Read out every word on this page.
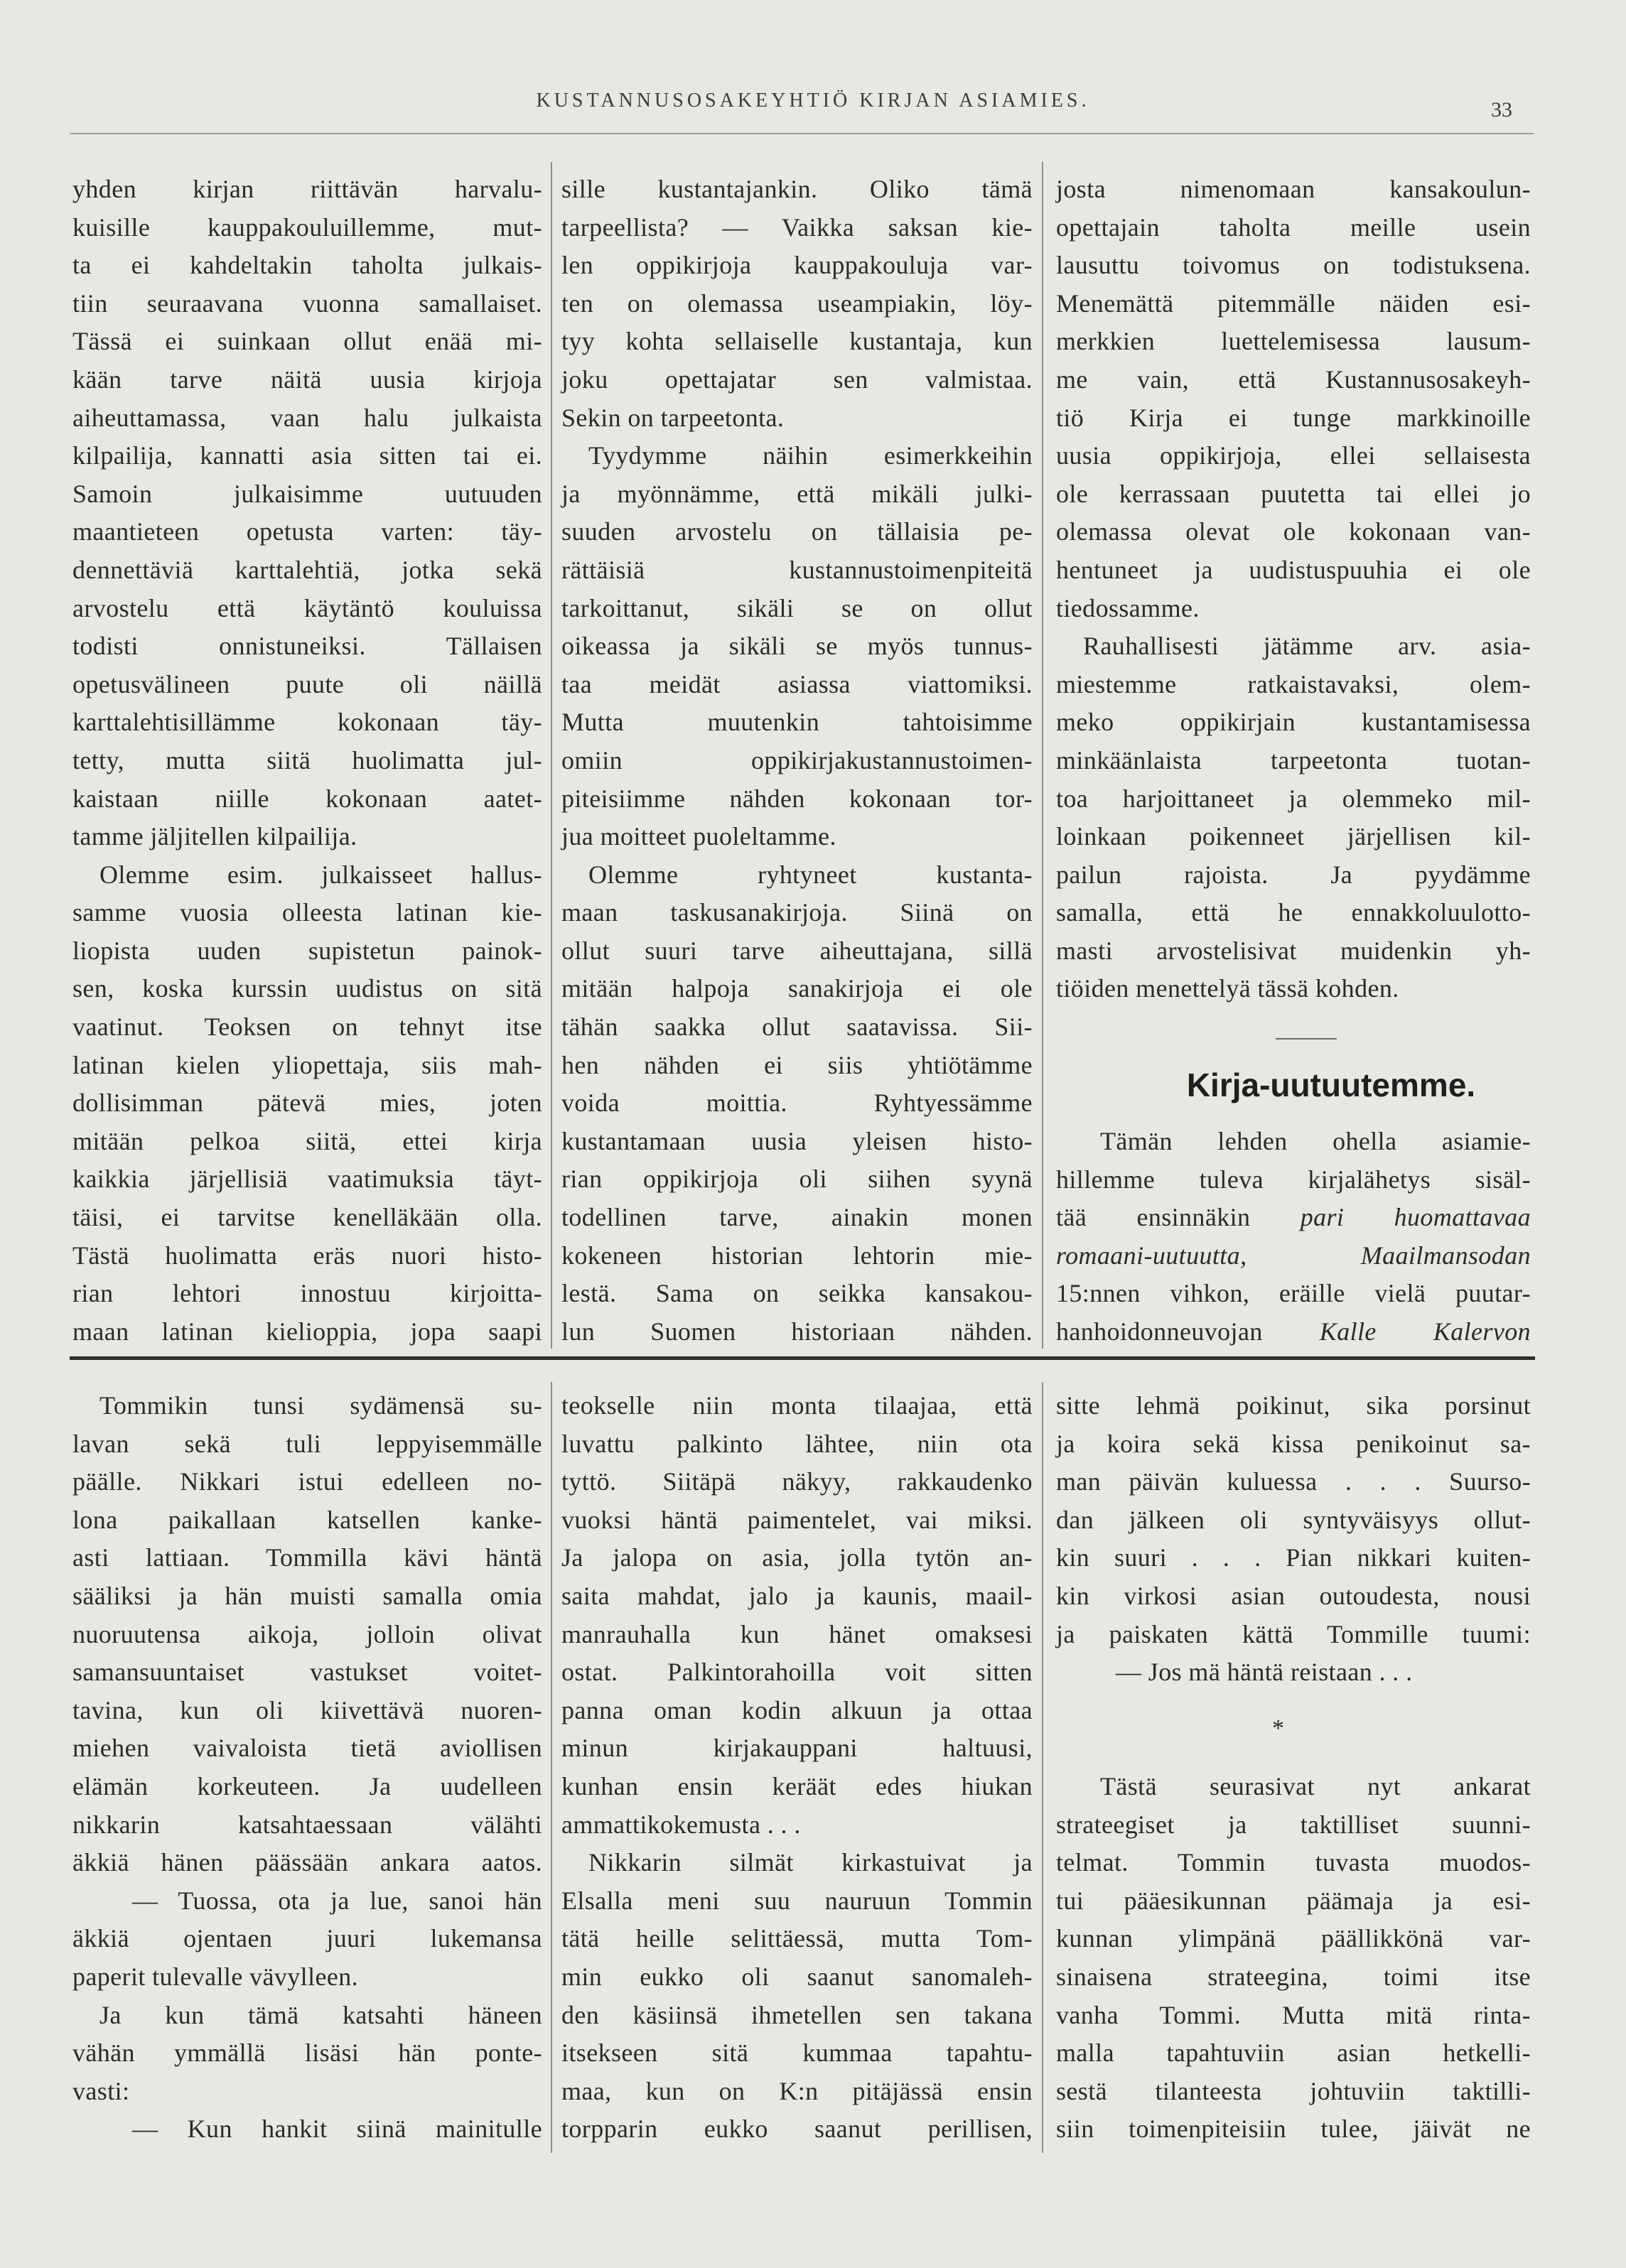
KUSTANNUSOSAKEYHTIÖ KIRJAN ASIAMIES.	33
yhden kirjan riittävän harvalu-
kuisille kauppakouluillemme, mut-
ta ei kahdeltakin taholta julkais-
tiin seuraavana vuonna samallaiset.
Tässä ei suinkaan ollut enää mi-
kään tarve näitä uusia kirjoja
aiheuttamassa, vaan halu julkaista
kilpailija, kannatti asia sitten tai ei.
Samoin julkaisimme uutuuden
maantieteen opetusta varten: täy-
dennettäviä karttalehtiä, jotka sekä
arvostelu että käytäntö kouluissa
todisti onnistuneiksi. Tällaisen
opetusvälineen puute oli näillä
karttalehtisillämme kokonaan täy-
tetty, mutta siitä huolimatta jul-
kaistaan niille kokonaan aatet-
tamme jäljitellen kilpailija.
Olemme esim. julkaisseet hallus-
samme vuosia olleesta latinan kie-
liopista uuden supistetun painok-
sen, koska kurssin uudistus on sitä
vaatinut. Teoksen on tehnyt itse
latinan kielen yliopettaja, siis mah-
dollisimman pätevä mies, joten
mitään pelkoa siitä, ettei kirja
kaikkia järjellisiä vaatimuksia täyt-
täisi, ei tarvitse kenelläkään olla.
Tästä huolimatta eräs nuori histo-
rian lehtori innostuu kirjoitta-
maan latinan kielioppia, jopa saapi
sille kustantajankin. Oliko tämä
tarpeellista? — Vaikka saksan kie-
len oppikirjoja kauppakouluja var-
ten on olemassa useampiakin, löy-
tyy kohta sellaiselle kustantaja, kun
joku opettajatar sen valmistaa.
Sekin on tarpeetonta.
Tyydymme näihin esimerkkeihin
ja myönnämme, että mikäli julki-
suuden arvostelu on tällaisia pe-
rättäisiä kustannustoimenpiteitä
tarkoittanut, sikäli se on ollut
oikeassa ja sikäli se myös tunnus-
taa meidät asiassa viattomiksi.
Mutta muutenkin tahtoisimme
omiin oppikirjakustannustoimen-
piteisiimme nähden kokonaan tor-
jua moitteet puoleltamme.
Olemme ryhtyneet kustanta-
maan taskusanakirjoja. Siinä on
ollut suuri tarve aiheuttajana, sillä
mitään halpoja sanakirjoja ei ole
tähän saakka ollut saatavissa. Sii-
hen nähden ei siis yhtiötämme
voida moittia. Ryhtyessämme
kustantamaan uusia yleisen histo-
rian oppikirjoja oli siihen syynä
todellinen tarve, ainakin monen
kokeneen historian lehtorin mie-
lestä. Sama on seikka kansakou-
lun Suomen historiaan nähden.
josta nimenomaan kansakoulun-
opettajain taholta meille usein
lausuttu toivomus on todistuksena.
Menemättä pitemmälle näiden esi-
merkkien luettelemisessa lausum-
me vain, että Kustannusosakeyh-
tiö Kirja ei tunge markkinoille
uusia oppikirjoja, ellei sellaisesta
ole kerrassaan puutetta tai ellei jo
olemassa olevat ole kokonaan van-
hentuneet ja uudistuspuuhia ei ole
tiedossamme.
Rauhallisesti jätämme arv. asia-
miestemme ratkaistavaksi, olem-
meko oppikirjain kustantamisessa
minkäänlaista tarpeetonta tuotan-
toa harjoittaneet ja olemmeko mil-
loinkaan poikenneet järjellisen kil-
pailun rajoista. Ja pyydämme
samalla, että he ennakkoluulotto-
masti arvostelisivat muidenkin yh-
tiöiden menettelyä tässä kohden.
Kirja-uutuutemme.
Tämän lehden ohella asiamie-
hillemme tuleva kirjalähetys sisäl-
tää ensinnäkin pari huomattavaa
romaani-uutuutta, Maailmansodan
15:nnen vihkon, eräille vielä puutar-
hanhoidonneuvojan Kalle Kalervon
Tommikin tunsi sydämensä su-
lavan sekä tuli leppyisemmälle
päälle. Nikkari istui edelleen no-
lona paikallaan katsellen kanke-
asti lattiaan. Tommilla kävi häntä
sääliksi ja hän muisti samalla omia
nuoruutensa aikoja, jolloin olivat
samansuuntaiset vastukset voitet-
tavina, kun oli kiivettävä nuoren-
miehen vaivaloista tietä aviollisen
elämän korkeuteen. Ja uudelleen
nikkarin katsahtaessaan välähti
äkkiä hänen päässään ankara aatos.
— Tuossa, ota ja lue, sanoi hän
äkkiä ojentaen juuri lukemansa
paperit tulevalle vävylleen.
Ja kun tämä katsahti häneen
vähän ymmällä lisäsi hän ponte-
vasti:
— Kun hankit siinä mainitulle
teokselle niin monta tilaajaa, että
luvattu palkinto lähtee, niin ota
tyttö. Siitäpä näkyy, rakkaudenko
vuoksi häntä paimentelet, vai miksi.
Ja jalopa on asia, jolla tytön an-
saita mahdat, jalo ja kaunis, maail-
manrauhalla kun hänet omaksesi
ostat. Palkintorahoilla voit sitten
panna oman kodin alkuun ja ottaa
minun kirjakauppani haltuusi,
kunhan ensin keräät edes hiukan
ammattikokemusta . . .
Nikkarin silmät kirkastuivat ja
Elsalla meni suu nauruun Tommin
tätä heille selittäessä, mutta Tom-
min eukko oli saanut sanomaleh-
den käsiinsä ihmetellen sen takana
itsekseen sitä kummaa tapahtu-
maa, kun on K:n pitäjässä ensin
torpparin eukko saanut perillisen,
sitte lehmä poikinut, sika porsinut
ja koira sekä kissa penikoinut sa-
man päivän kuluessa . . . Suurso-
dan jälkeen oli syntyväisyys ollut-
kin suuri . . . Pian nikkari kuiten-
kin virkosi asian outoudesta, nousi
ja paiskaten kättä Tommille tuumi:
— Jos mä häntä reistaan . . .
*
Tästä seurasivat nyt ankarat
strateegiset ja taktilliset suunni-
telmat. Tommin tuvasta muodos-
tui pääesikunnan päämaja ja esi-
kunnan ylimpänä päällikkönä var-
sinaisena strateegina, toimi itse
vanha Tommi. Mutta mitä rinta-
malla tapahtuviin asian hetkelli-
sestä tilanteesta johtuviin taktilli-
siin toimenpiteisiin tulee, jäivät ne
